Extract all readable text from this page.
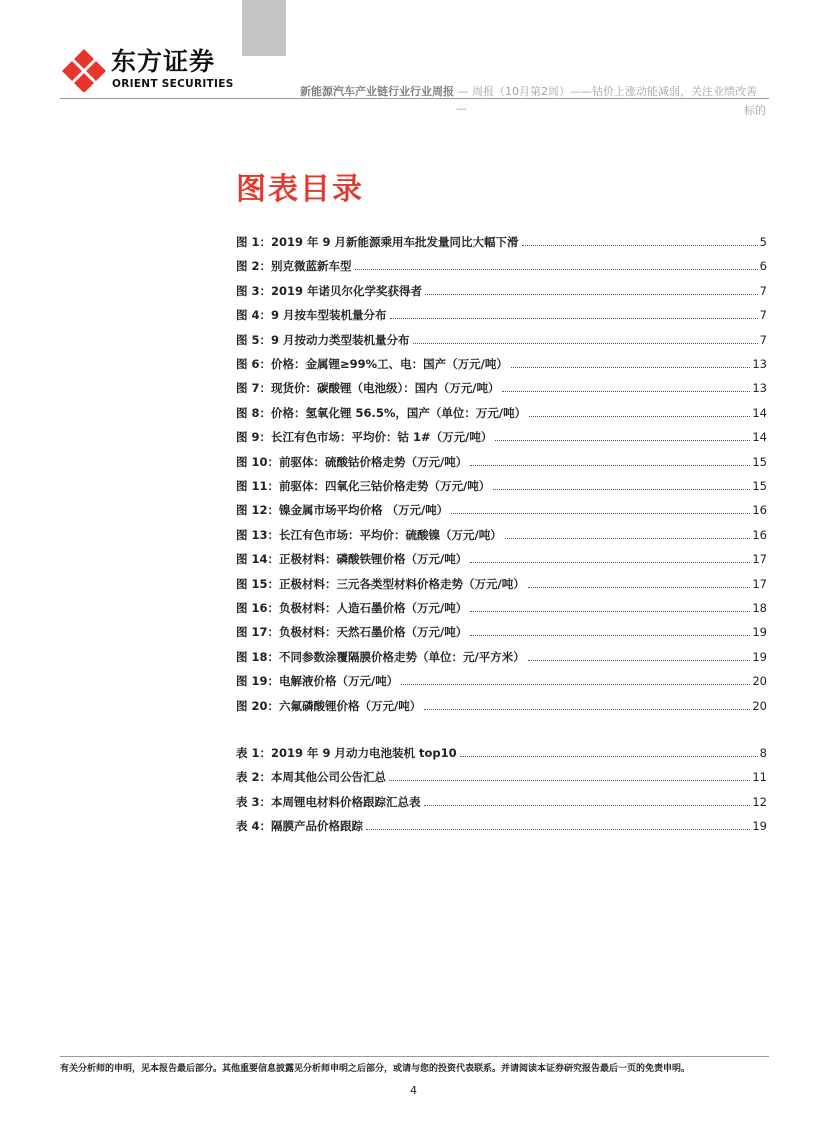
东方证券
ORIENT SECURITIES
新能源汽车产业链行业行业周报 — 周报（10月第2周）——钴价上涨动能减弱，关注业绩改善
—	标的
图表目录
图 1：2019 年 9 月新能源乘用车批发量同比大幅下滑	5
图 2：别克微蓝新车型	6
图 3：2019 年诺贝尔化学奖获得者	7
图 4：9 月按车型装机量分布	7
图 5：9 月按动力类型装机量分布	7
图 6：价格：金属锂≥99%工、电：国产（万元/吨）	13
图 7：现货价：碳酸锂（电池级）：国内（万元/吨）	13
图 8：价格：氢氧化锂 56.5%，国产（单位：万元/吨）	14
图 9：长江有色市场：平均价：钴 1#（万元/吨）	14
图 10：前驱体：硫酸钴价格走势（万元/吨）	15
图 11：前驱体：四氧化三钴价格走势（万元/吨）	15
图 12：镍金属市场平均价格 （万元/吨）	16
图 13：长江有色市场：平均价：硫酸镍（万元/吨）	16
图 14：正极材料：磷酸铁锂价格（万元/吨）	17
图 15：正极材料：三元各类型材料价格走势（万元/吨）	17
图 16：负极材料：人造石墨价格（万元/吨）	18
图 17：负极材料：天然石墨价格（万元/吨）	19
图 18：不同参数涂覆隔膜价格走势（单位：元/平方米）	19
图 19：电解液价格（万元/吨）	20
图 20：六氟磷酸锂价格（万元/吨）	20
表 1：2019 年 9 月动力电池装机 top10	8
表 2：本周其他公司公告汇总	11
表 3：本周锂电材料价格跟踪汇总表	12
表 4：隔膜产品价格跟踪	19
有关分析师的申明，见本报告最后部分。其他重要信息披露见分析师申明之后部分，或请与您的投资代表联系。并请阅读本证券研究报告最后一页的免责申明。
4
